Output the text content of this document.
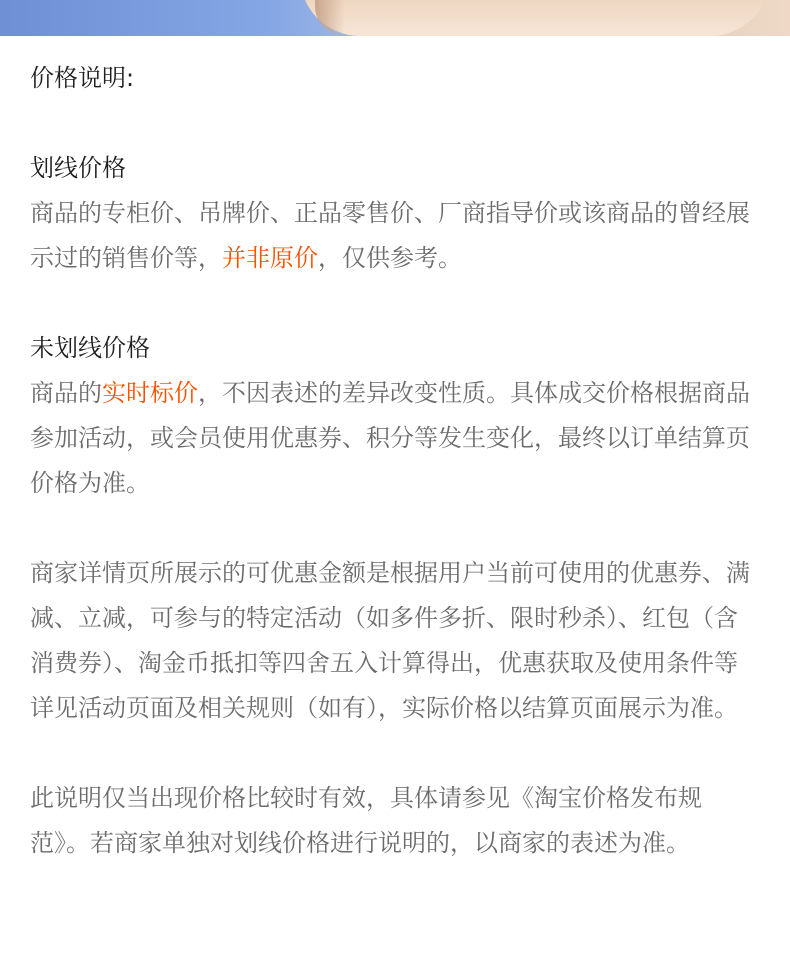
价格说明:
划线价格
商品的专柜价、吊牌价、正品零售价、厂商指导价或该商品的曾经展示过的销售价等，并非原价，仅供参考。
未划线价格
商品的实时标价，不因表述的差异改变性质。具体成交价格根据商品参加活动，或会员使用优惠券、积分等发生变化，最终以订单结算页价格为准。
商家详情页所展示的可优惠金额是根据用户当前可使用的优惠券、满减、立减，可参与的特定活动（如多件多折、限时秒杀）、红包（含消费券）、淘金币抵扣等四舍五入计算得出，优惠获取及使用条件等详见活动页面及相关规则（如有），实际价格以结算页面展示为准。
此说明仅当出现价格比较时有效，具体请参见《淘宝价格发布规范》。若商家单独对划线价格进行说明的，以商家的表述为准。
